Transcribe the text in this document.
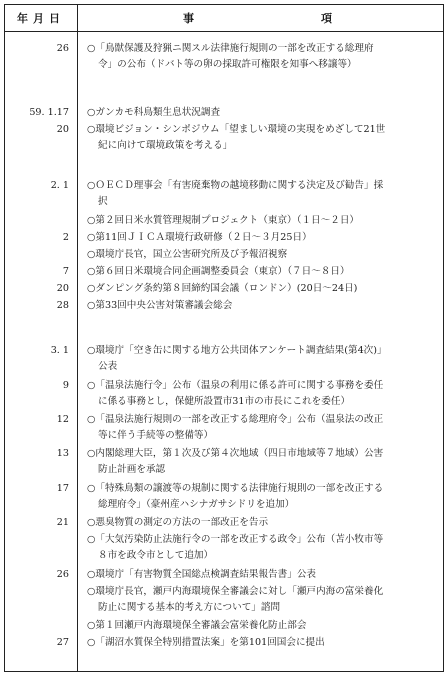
年月日	事	項
26 ○「鳥獣保護及狩猟ニ関スル法律施行規則の一部を改正する総理府
令」の公布（ドバト等の卵の採取許可権限を知事へ移譲等）
59. 1.17 ○ガンカモ科鳥類生息状況調査
20 ○環境ビジョン・シンポジウム「望ましい環境の実現をめざして21世
紀に向けて環境政策を考える」
2. 1 ○ＯＥＣＤ理事会「有害廃棄物の越境移動に関する決定及び勧告」採
択
○第２回日米水質管理規制プロジェクト（東京）（１日～２日）
2 ○第11回ＪＩＣＡ環境行政研修（２日～３月25日）
○環境庁長官，国立公害研究所及び予報沼視察
7 ○第６回日米環境合同企画調整委員会（東京）（７日～８日）
20 ○ダンピング条約第８回締約国会議（ロンドン）(20日～24日)
28 ○第33回中央公害対策審議会総会
3. 1 ○環境庁「空き缶に関する地方公共団体アンケート調査結果(第4次)」
公表
9 ○「温泉法施行令」公布（温泉の利用に係る許可に関する事務を委任
に係る事務とし，保健所設置市31市の市長にこれを委任）
12 ○「温泉法施行規則の一部を改正する総理府令」公布（温泉法の改正
等に伴う手続等の整備等）
13 ○内閣総理大臣，第１次及び第４次地域（四日市地域等７地域）公害
防止計画を承認
17 ○「特殊鳥類の譲渡等の規制に関する法律施行規則の一部を改正する
総理府令」（豪州産ハシナガサシドリを追加）
21 ○悪臭物質の測定の方法の一部改正を告示
○「大気汚染防止法施行令の一部を改正する政令」公布（苫小牧市等
８市を政令市として追加）
26 ○環境庁「有害物質全国総点検調査結果報告書」公表
○環境庁長官，瀬戸内海環境保全審議会に対し「瀬戸内海の富栄養化
防止に関する基本的考え方について」諮問
○第１回瀬戸内海環境保全審議会富栄養化防止部会
27 ○「湖沼水質保全特別措置法案」を第101回国会に提出
